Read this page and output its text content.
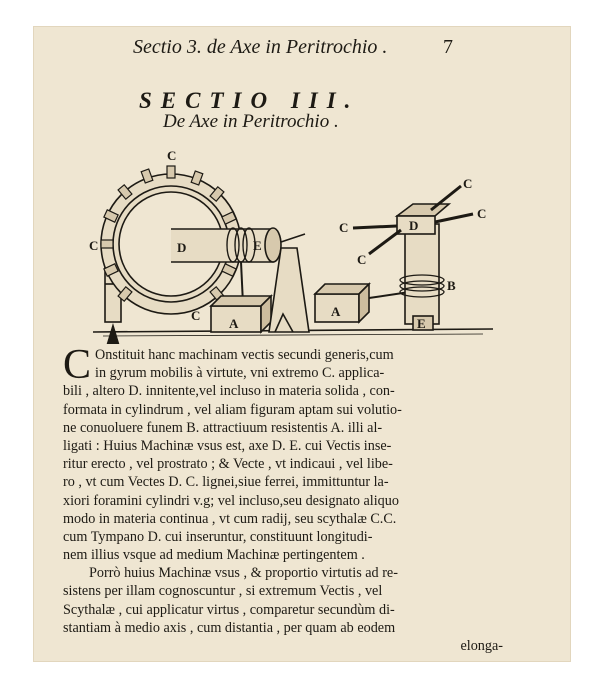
Sectio 3. de Axe in Peritrochio .	7
SECTIO III.
De Axe in Peritrochio .
C
C	D	E
C
A
A
C
C
D
C
C
B
E
C Onstituit hanc machinam vectis secundi generis,cum
in gyrum mobilis à virtute, vni extremo C. applica-
bili , altero D. innitente,vel incluso in materia solida , con-
formata in cylindrum , vel aliam figuram aptam sui volutio-
ne conuoluere funem B. attractiuum resistentis A. illi al-
ligati : Huius Machinæ vsus est, axe D. E. cui Vectis inse-
ritur erecto , vel prostrato ; & Vecte , vt indicaui , vel libe-
ro , vt cum Vectes D. C. lignei,siue ferrei, immittuntur la-
xiori foramini cylindri v.g; vel incluso,seu designato aliquo
modo in materia continua , vt cum radij, seu scythalæ C.C.
cum Tympano D. cui inseruntur, constituunt longitudi-
nem illius vsque ad medium Machinæ pertingentem .
Porrò huius Machinæ vsus , & proportio virtutis ad re-
sistens per illam cognoscuntur , si extremum Vectis , vel
Scythalæ , cui applicatur virtus , comparetur secundùm di-
stantiam à medio axis , cum distantia , per quam ab eodem
elonga-
